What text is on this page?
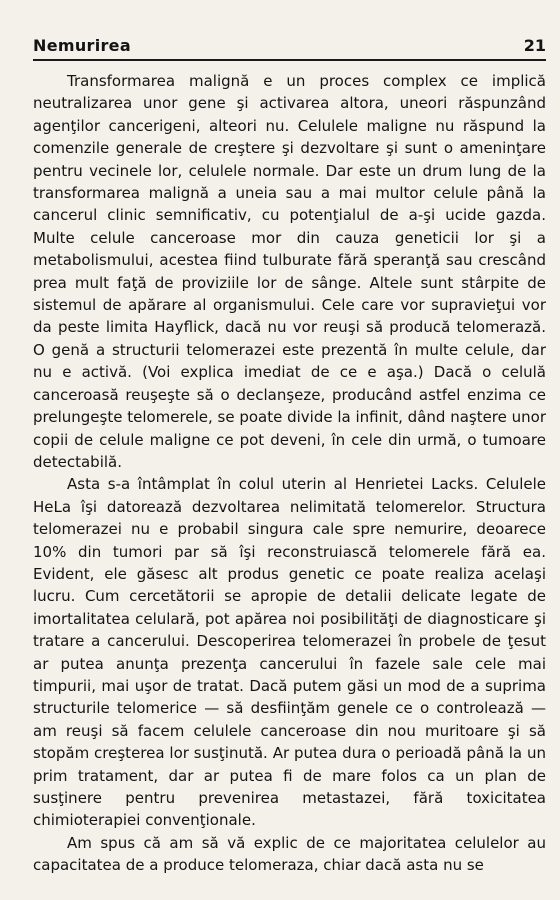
Nemurirea	21

Transformarea malignă e un proces complex ce implică neutralizarea unor gene şi activarea altora, uneori răspunzând agenţilor cancerigeni, alteori nu. Celulele maligne nu răspund la comenzile generale de creştere şi dezvoltare şi sunt o ameninţare pentru vecinele lor, celulele normale. Dar este un drum lung de la transformarea malignă a uneia sau a mai multor celule până la cancerul clinic semnificativ, cu potenţialul de a-şi ucide gazda. Multe celule canceroase mor din cauza geneticii lor şi a metabolismului, acestea fiind tulburate fără speranţă sau crescând prea mult faţă de proviziile lor de sânge. Altele sunt stârpite de sistemul de apărare al organismului. Cele care vor supravieţui vor da peste limita Hayflick, dacă nu vor reuşi să producă telomerază. O genă a structurii telomerazei este prezentă în multe celule, dar nu e activă. (Voi explica imediat de ce e aşa.) Dacă o celulă canceroasă reuşeşte să o declanşeze, producând astfel enzima ce prelungeşte telomerele, se poate divide la infinit, dând naştere unor copii de celule maligne ce pot deveni, în cele din urmă, o tumoare detectabilă.

Asta s-a întâmplat în colul uterin al Henrietei Lacks. Celulele HeLa îşi datorează dezvoltarea nelimitată telomerelor. Structura telomerazei nu e probabil singura cale spre nemurire, deoarece 10% din tumori par să îşi reconstruiască telomerele fără ea. Evident, ele găsesc alt produs genetic ce poate realiza acelaşi lucru. Cum cercetătorii se apropie de detalii delicate legate de imortalitatea celulară, pot apărea noi posibilităţi de diagnosticare şi tratare a cancerului. Descoperirea telomerazei în probele de ţesut ar putea anunţa prezenţa cancerului în fazele sale cele mai timpurii, mai uşor de tratat. Dacă putem găsi un mod de a suprima structurile telomerice — să desfiinţăm genele ce o controlează — am reuşi să facem celulele canceroase din nou muritoare şi să stopăm creşterea lor susţinută. Ar putea dura o perioadă până la un prim tratament, dar ar putea fi de mare folos ca un plan de susţinere pentru prevenirea metastazei, fără toxicitatea chimioterapiei convenţionale.

Am spus că am să vă explic de ce majoritatea celulelor au capacitatea de a produce telomeraza, chiar dacă asta nu se
